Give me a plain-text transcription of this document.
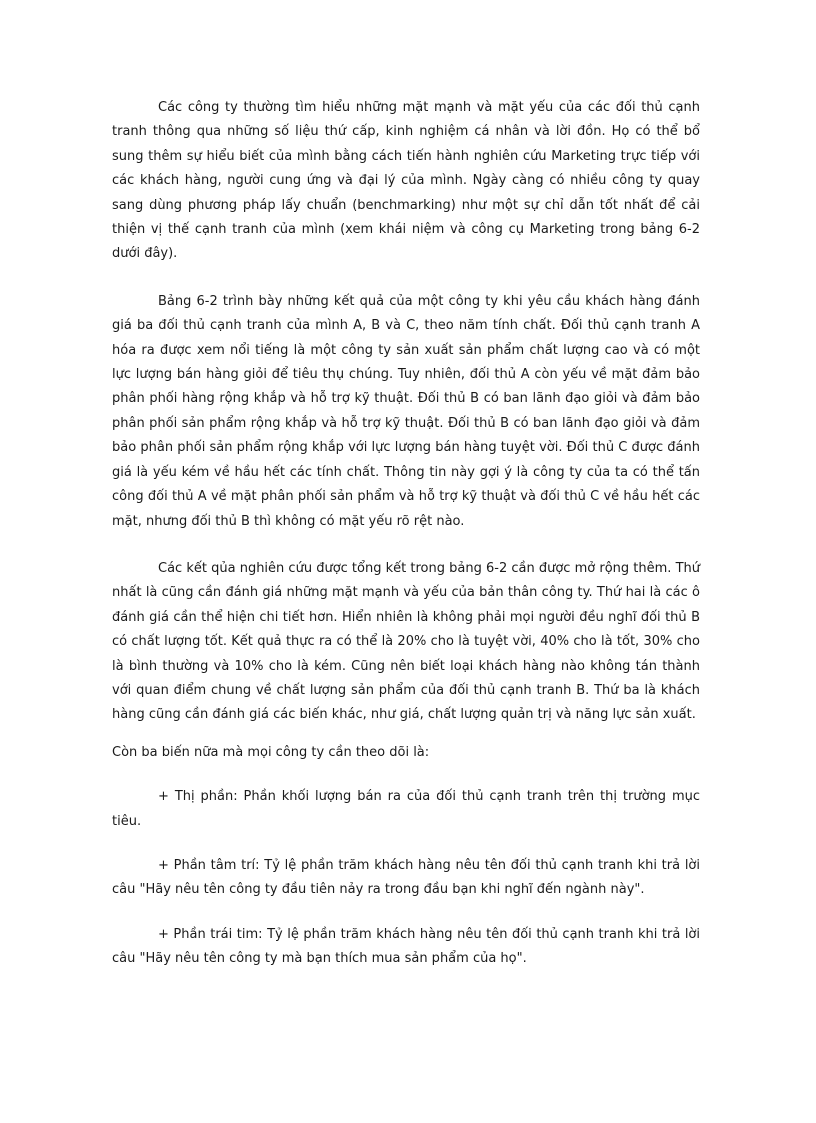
Các công ty thường tìm hiểu những mặt mạnh và mặt yếu của các đối thủ cạnh tranh thông qua những số liệu thứ cấp, kinh nghiệm cá nhân và lời đồn. Họ có thể bổ sung thêm sự hiểu biết của mình bằng cách tiến hành nghiên cứu Marketing trực tiếp với các khách hàng, người cung ứng và đại lý của mình. Ngày càng có nhiều công ty quay sang dùng phương pháp lấy chuẩn (benchmarking) như một sự chỉ dẫn tốt nhất để cải thiện vị thế cạnh tranh của mình (xem khái niệm và công cụ Marketing trong bảng 6-2 dưới đây).

Bảng 6-2 trình bày những kết quả của một công ty khi yêu cầu khách hàng đánh giá ba đối thủ cạnh tranh của mình A, B và C, theo năm tính chất. Đối thủ cạnh tranh A hóa ra được xem nổi tiếng là một công ty sản xuất sản phẩm chất lượng cao và có một lực lượng bán hàng giỏi để tiêu thụ chúng. Tuy nhiên, đối thủ A còn yếu về mặt đảm bảo phân phối hàng rộng khắp và hỗ trợ kỹ thuật. Đối thủ B có ban lãnh đạo giỏi và đảm bảo phân phối sản phẩm rộng khắp và hỗ trợ kỹ thuật. Đối thủ B có ban lãnh đạo giỏi và đảm bảo phân phối sản phẩm rộng khắp với lực lượng bán hàng tuyệt vời. Đối thủ C được đánh giá là yếu kém về hầu hết các tính chất. Thông tin này gợi ý là công ty của ta có thể tấn công đối thủ A về mặt phân phối sản phẩm và hỗ trợ kỹ thuật và đối thủ C về hầu hết các mặt, nhưng đối thủ B thì không có mặt yếu rõ rệt nào.

Các kết qủa nghiên cứu được tổng kết trong bảng 6-2 cần được mở rộng thêm. Thứ nhất là cũng cần đánh giá những mặt mạnh và yếu của bản thân công ty. Thứ hai là các ô đánh giá cần thể hiện chi tiết hơn. Hiển nhiên là không phải mọi người đều nghĩ đối thủ B có chất lượng tốt. Kết quả thực ra có thể là 20% cho là tuyệt vời, 40% cho là tốt, 30% cho là bình thường và 10% cho là kém. Cũng nên biết loại khách hàng nào không tán thành với quan điểm chung về chất lượng sản phẩm của đối thủ cạnh tranh B. Thứ ba là khách hàng cũng cần đánh giá các biến khác, như giá, chất lượng quản trị và năng lực sản xuất.

Còn ba biến nữa mà mọi công ty cần theo dõi là:

+ Thị phần: Phần khối lượng bán ra của đối thủ cạnh tranh trên thị trường mục tiêu.

+ Phần tâm trí: Tỷ lệ phần trăm khách hàng nêu tên đối thủ cạnh tranh khi trả lời câu "Hãy nêu tên công ty đầu tiên nảy ra trong đầu bạn khi nghĩ đến ngành này".

+ Phần trái tim: Tỷ lệ phần trăm khách hàng nêu tên đối thủ cạnh tranh khi trả lời câu "Hãy nêu tên công ty mà bạn thích mua sản phẩm của họ".
